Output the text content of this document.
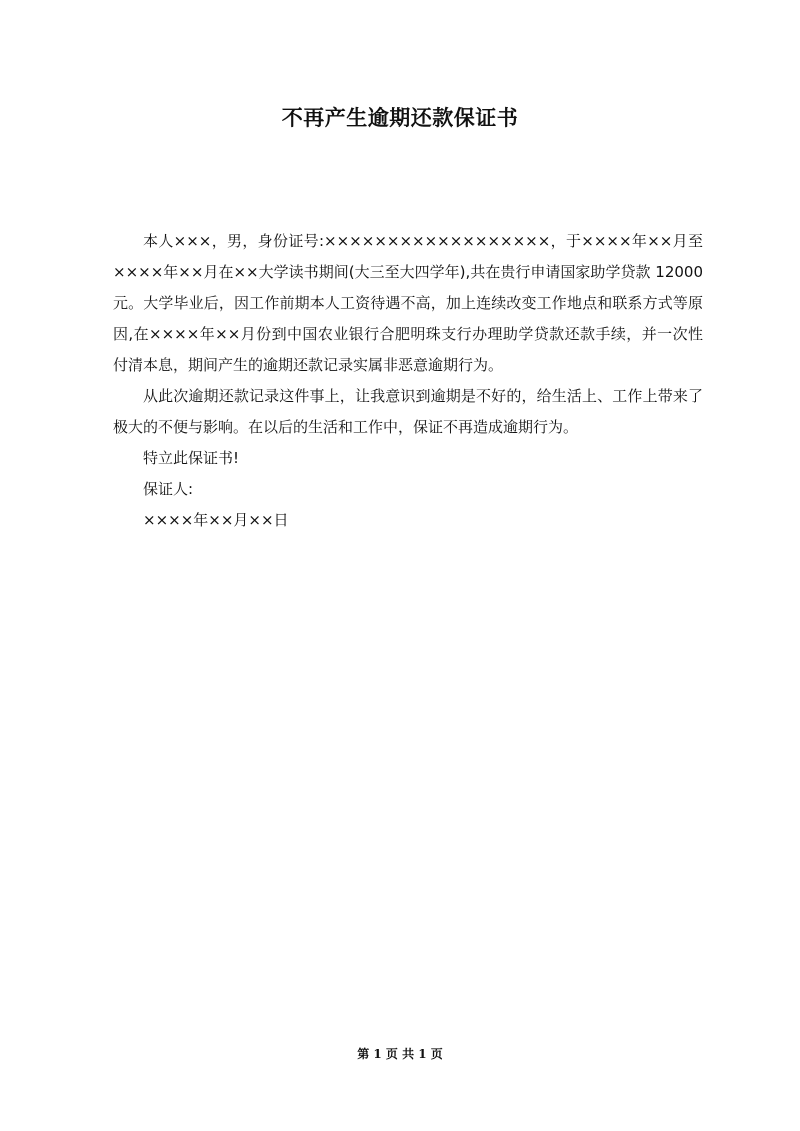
不再产生逾期还款保证书

本人×××，男，身份证号:××××××××××××××××××，于××××年××月至××××年××月在××大学读书期间(大三至大四学年),共在贵行申请国家助学贷款 12000 元。大学毕业后，因工作前期本人工资待遇不高，加上连续改变工作地点和联系方式等原因,在××××年××月份到中国农业银行合肥明珠支行办理助学贷款还款手续，并一次性付清本息，期间产生的逾期还款记录实属非恶意逾期行为。

从此次逾期还款记录这件事上，让我意识到逾期是不好的，给生活上、工作上带来了极大的不便与影响。在以后的生活和工作中，保证不再造成逾期行为。

特立此保证书!

保证人:

××××年××月××日

第 1 页 共 1 页
